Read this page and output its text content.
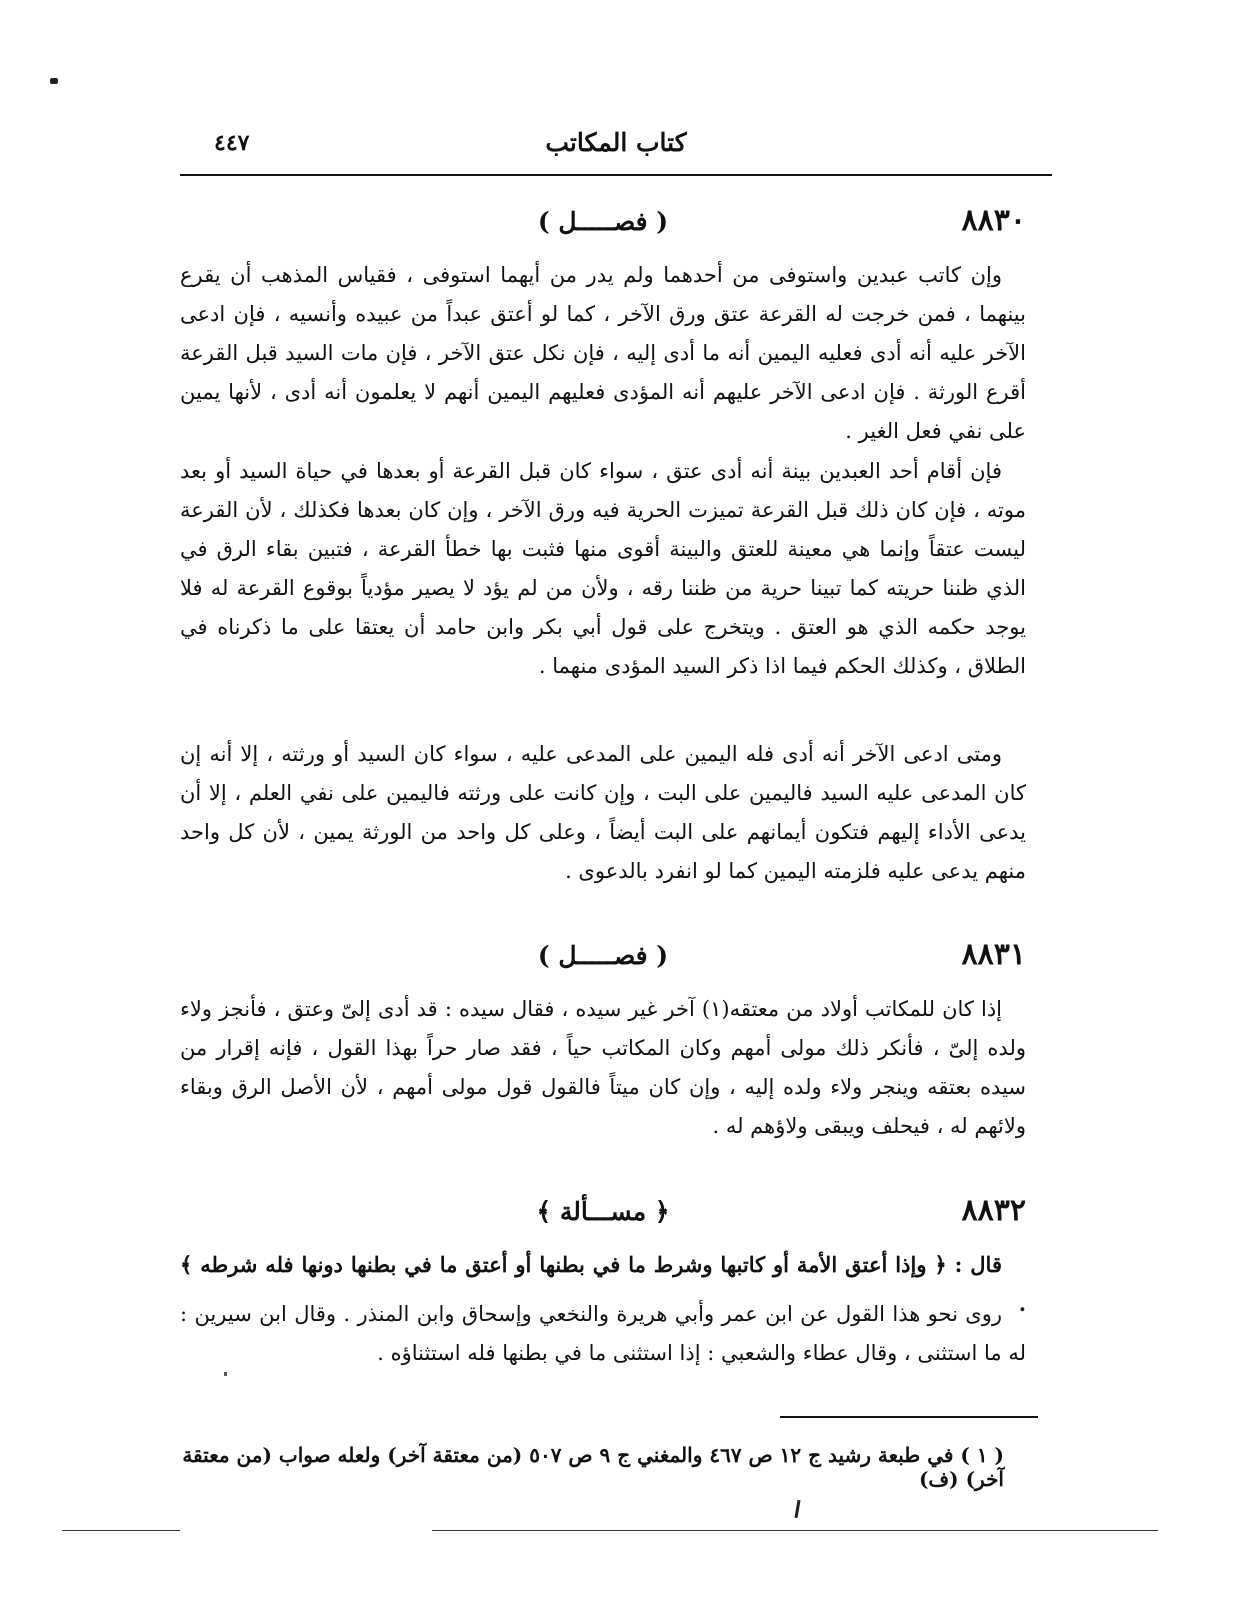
٤٤٧	كتاب المكاتب
٨٨٣٠
( فصـــــل )

وإن كاتب عبدين واستوفى من أحدهما ولم يدر من أيهما استوفى ، فقياس المذهب أن يقرع بينهما ، فمن خرجت له القرعة عتق ورق الآخر ، كما لو أعتق عبداً من عبيده وأنسيه ، فإن ادعى الآخر عليه أنه أدى فعليه اليمين أنه ما أدى إليه ، فإن نكل عتق الآخر ، فإن مات السيد قبل القرعة أقرع الورثة . فإن ادعى الآخر عليهم أنه المؤدى فعليهم اليمين أنهم لا يعلمون أنه أدى ، لأنها يمين على نفي فعل الغير .

فإن أقام أحد العبدين بينة أنه أدى عتق ، سواء كان قبل القرعة أو بعدها في حياة السيد أو بعد موته ، فإن كان ذلك قبل القرعة تميزت الحرية فيه ورق الآخر ، وإن كان بعدها فكذلك ، لأن القرعة ليست عتقاً وإنما هي معينة للعتق والبينة أقوى منها فثبت بها خطأ القرعة ، فتبين بقاء الرق في الذي ظننا حريته كما تبينا حرية من ظننا رقه ، ولأن من لم يؤد لا يصير مؤدياً بوقوع القرعة له فلا يوجد حكمه الذي هو العتق . ويتخرج على قول أبي بكر وابن حامد أن يعتقا على ما ذكرناه في الطلاق ، وكذلك الحكم فيما اذا ذكر السيد المؤدى منهما .

ومتى ادعى الآخر أنه أدى فله اليمين على المدعى عليه ، سواء كان السيد أو ورثته ، إلا أنه إن كان المدعى عليه السيد فاليمين على البت ، وإن كانت على ورثته فاليمين على نفي العلم ، إلا أن يدعى الأداء إليهم فتكون أيمانهم على البت أيضاً ، وعلى كل واحد من الورثة يمين ، لأن كل واحد منهم يدعى عليه فلزمته اليمين كما لو انفرد بالدعوى .

٨٨٣١
( فصـــــل )

إذا كان للمكاتب أولاد من معتقه(١) آخر غير سيده ، فقال سيده : قد أدى إلىّ وعتق ، فأنجز ولاء ولده إلىّ ، فأنكر ذلك مولى أمهم وكان المكاتب حياً ، فقد صار حراً بهذا القول ، فإنه إقرار من سيده بعتقه وينجر ولاء ولده إليه ، وإن كان ميتاً فالقول قول مولى أمهم ، لأن الأصل الرق وبقاء ولائهم له ، فيحلف ويبقى ولاؤهم له .

٨٨٣٢
﴿ مســـألة ﴾

قال : ﴿ وإذا أعتق الأمة أو كاتبها وشرط ما في بطنها أو أعتق ما في بطنها دونها فله شرطه ﴾ .

روى نحو هذا القول عن ابن عمر وأبي هريرة والنخعي وإسحاق وابن المنذر . وقال ابن سيرين : له ما استثنى ، وقال عطاء والشعبي : إذا استثنى ما في بطنها فله استثناؤه .

( ١ ) في طبعة رشيد ج ١٢ ص ٤٦٧ والمغني ج ٩ ص ٥٠٧ (من معتقة آخر) ولعله صواب (من معتقة آخر) (ف)
